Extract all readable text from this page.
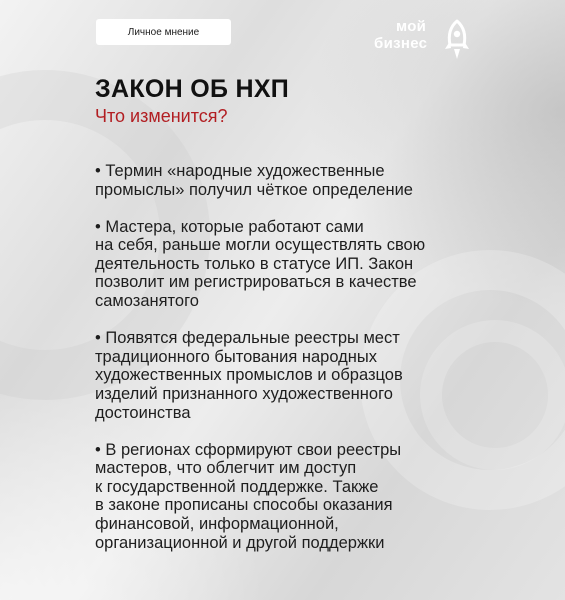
Личное мнение	мой
бизнес
ЗАКОН ОБ НХП
Что изменится?
• Термин «народные художественные
промыслы» получил чёткое определение
• Мастера, которые работают сами
на себя, раньше могли осуществлять свою
деятельность только в статусе ИП. Закон
позволит им регистрироваться в качестве
самозанятого
• Появятся федеральные реестры мест
традиционного бытования народных
художественных промыслов и образцов
изделий признанного художественного
достоинства
• В регионах сформируют свои реестры
мастеров, что облегчит им доступ
к государственной поддержке. Также
в законе прописаны способы оказания
финансовой, информационной,
организационной и другой поддержки
